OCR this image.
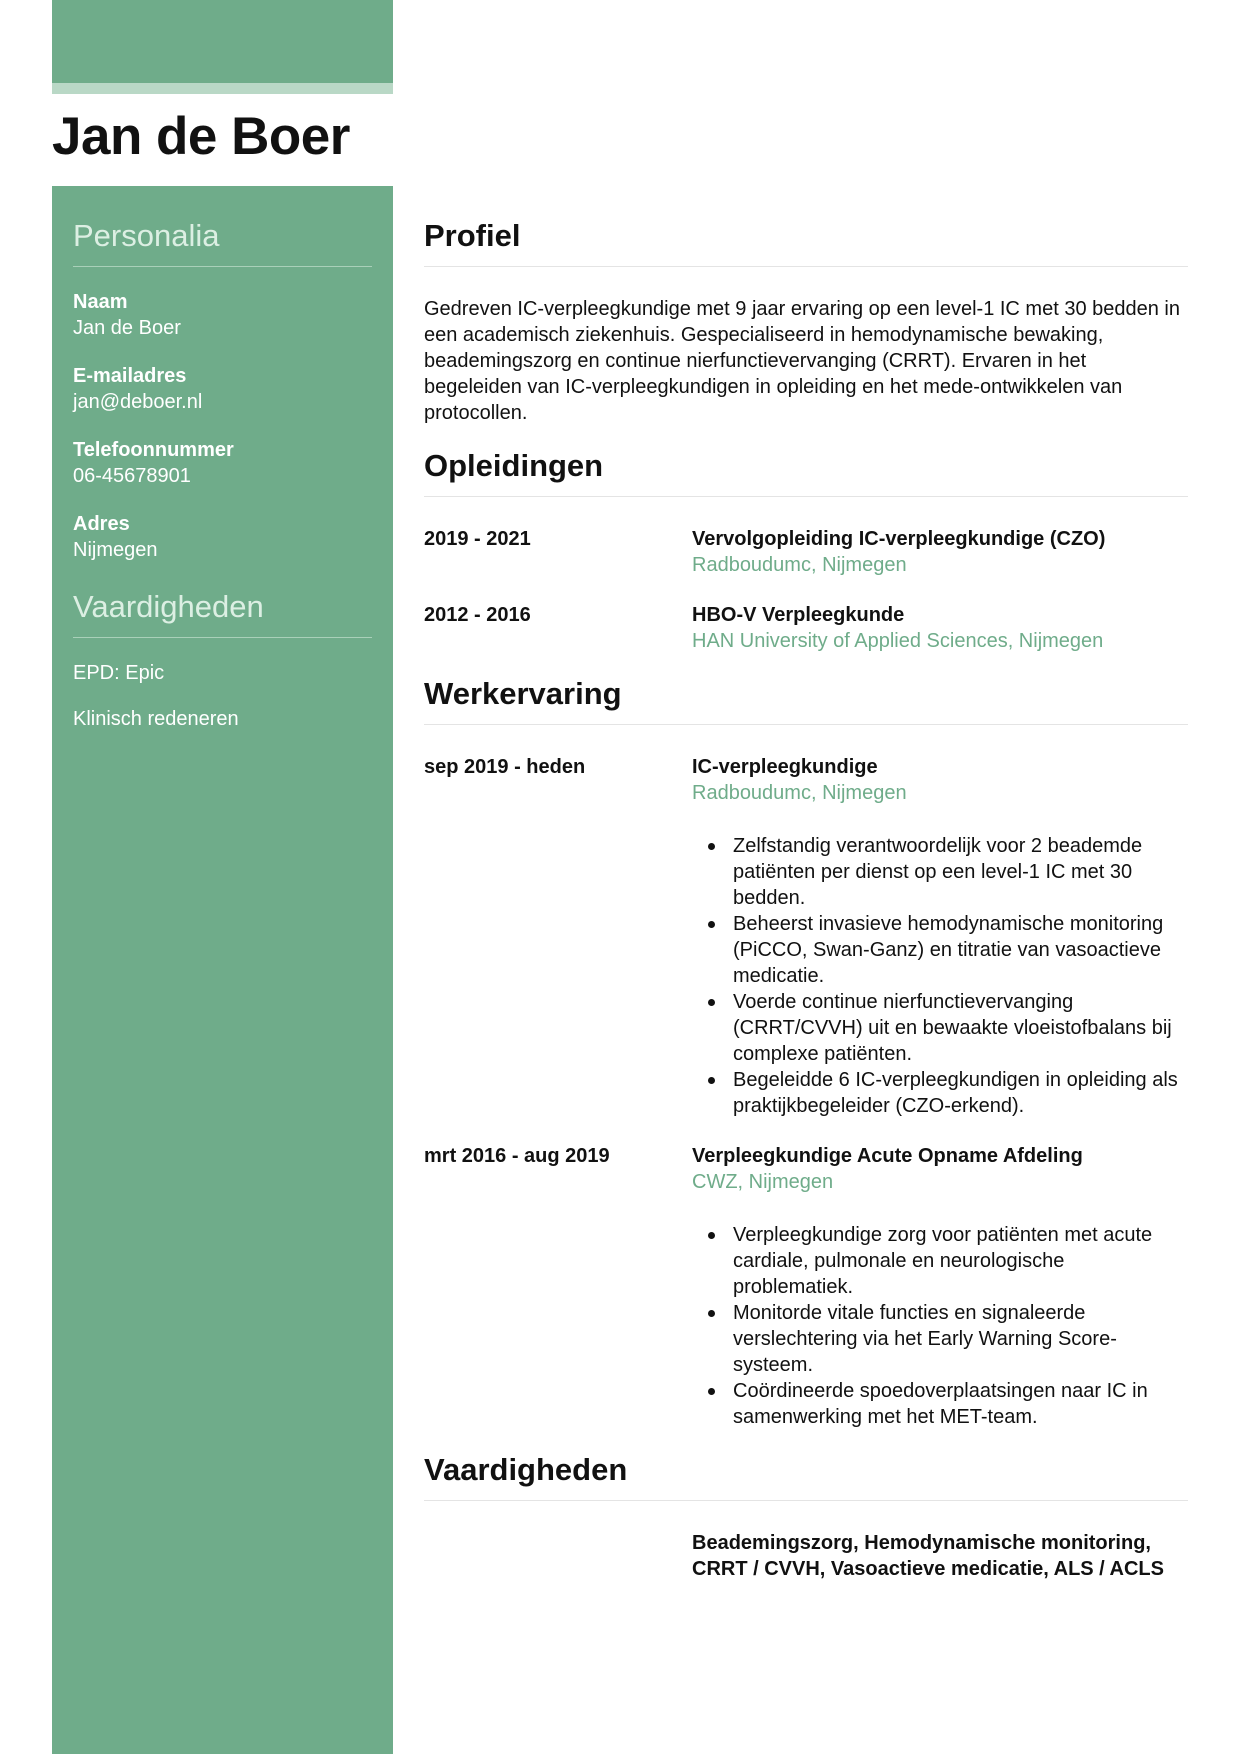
Jan de Boer
Personalia
Naam
Jan de Boer
E-mailadres
jan@deboer.nl
Telefoonnummer
06-45678901
Adres
Nijmegen
Vaardigheden
EPD: Epic
Klinisch redeneren
Profiel

Gedreven IC-verpleegkundige met 9 jaar ervaring op een level-1 IC met 30 bedden in een academisch ziekenhuis. Gespecialiseerd in hemodynamische bewaking, beademingszorg en continue nierfunctievervanging (CRRT). Ervaren in het begeleiden van IC-verpleegkundigen in opleiding en het mede-ontwikkelen van protocollen.

Opleidingen
2019 - 2021	Vervolgopleiding IC-verpleegkundige (CZO)
Radboudumc, Nijmegen
2012 - 2016	HBO-V Verpleegkunde
HAN University of Applied Sciences, Nijmegen
Werkervaring
sep 2019 - heden	IC-verpleegkundige
Radboudumc, Nijmegen
Zelfstandig verantwoordelijk voor 2 beademde patiënten per dienst op een level-1 IC met 30 bedden.
Beheerst invasieve hemodynamische monitoring (PiCCO, Swan-Ganz) en titratie van vasoactieve medicatie.
Voerde continue nierfunctievervanging (CRRT/CVVH) uit en bewaakte vloeistofbalans bij complexe patiënten.
Begeleidde 6 IC-verpleegkundigen in opleiding als praktijkbegeleider (CZO-erkend).
mrt 2016 - aug 2019	Verpleegkundige Acute Opname Afdeling
CWZ, Nijmegen
Verpleegkundige zorg voor patiënten met acute cardiale, pulmonale en neurologische problematiek.
Monitorde vitale functies en signaleerde verslechtering via het Early Warning Score-systeem.
Coördineerde spoedoverplaatsingen naar IC in samenwerking met het MET-team.
Vaardigheden
Beademingszorg, Hemodynamische monitoring, CRRT / CVVH, Vasoactieve medicatie, ALS / ACLS
